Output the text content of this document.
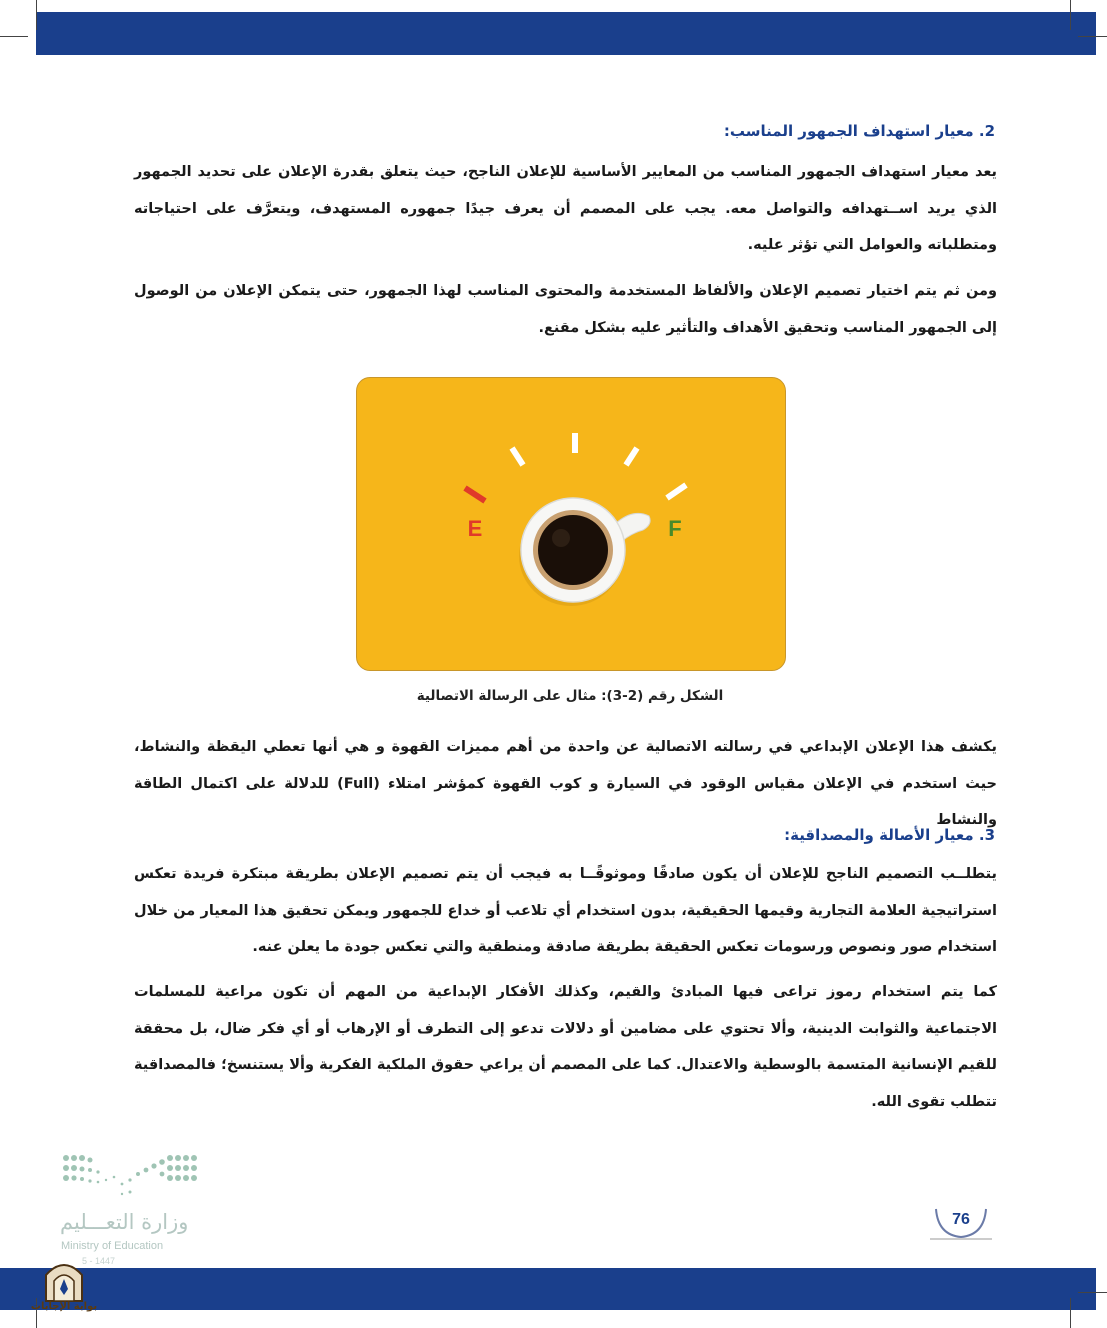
2. معيار استهداف الجمهور المناسب:
يعد معيار استهداف الجمهور المناسب من المعايير الأساسية للإعلان الناجح، حيث يتعلق بقدرة الإعلان على تحديد الجمهور الذي يريد اســتهدافه والتواصل معه. يجب على المصمم أن يعرف جيدًا جمهوره المستهدف، ويتعرَّف على احتياجاته ومتطلباته والعوامل التي تؤثر عليه.
ومن ثم يتم اختيار تصميم الإعلان والألفاظ المستخدمة والمحتوى المناسب لهذا الجمهور، حتى يتمكن الإعلان من الوصول إلى الجمهور المناسب وتحقيق الأهداف والتأثير عليه بشكل مقنع.
E	F
الشكل رقم (2-3): مثال على الرسالة الاتصالية
يكشف هذا الإعلان الإبداعي في رسالته الاتصالية عن واحدة من أهم مميزات القهوة و هي أنها تعطي اليقظة والنشاط، حيث استخدم في الإعلان مقياس الوقود في السيارة و كوب القهوة كمؤشر امتلاء (Full) للدلالة على اكتمال الطاقة والنشاط
3. معيار الأصالة والمصداقية:
يتطلــب التصميم الناجح للإعلان أن يكون صادقًا وموثوقًــا به فيجب أن يتم تصميم الإعلان بطريقة مبتكرة فريدة تعكس استراتيجية العلامة التجارية وقيمها الحقيقية، بدون استخدام أي تلاعب أو خداع للجمهور ويمكن تحقيق هذا المعيار من خلال استخدام صور ونصوص ورسومات تعكس الحقيقة بطريقة صادقة ومنطقية والتي تعكس جودة ما يعلن عنه.
كما يتم استخدام رموز تراعى فيها المبادئ والقيم، وكذلك الأفكار الإبداعية من المهم أن تكون مراعية للمسلمات الاجتماعية والثوابت الدينية، وألا تحتوي على مضامين أو دلالات تدعو إلى التطرف أو الإرهاب أو أي فكر ضال، بل محققة للقيم الإنسانية المتسمة بالوسطية والاعتدال. كما على المصمم أن يراعي حقوق الملكية الفكرية وألا يستنسخ؛ فالمصداقية تتطلب تقوى الله.
76
وزارة التعـــليم
Ministry of Education
5 - 1447
بوابة الإجابات
